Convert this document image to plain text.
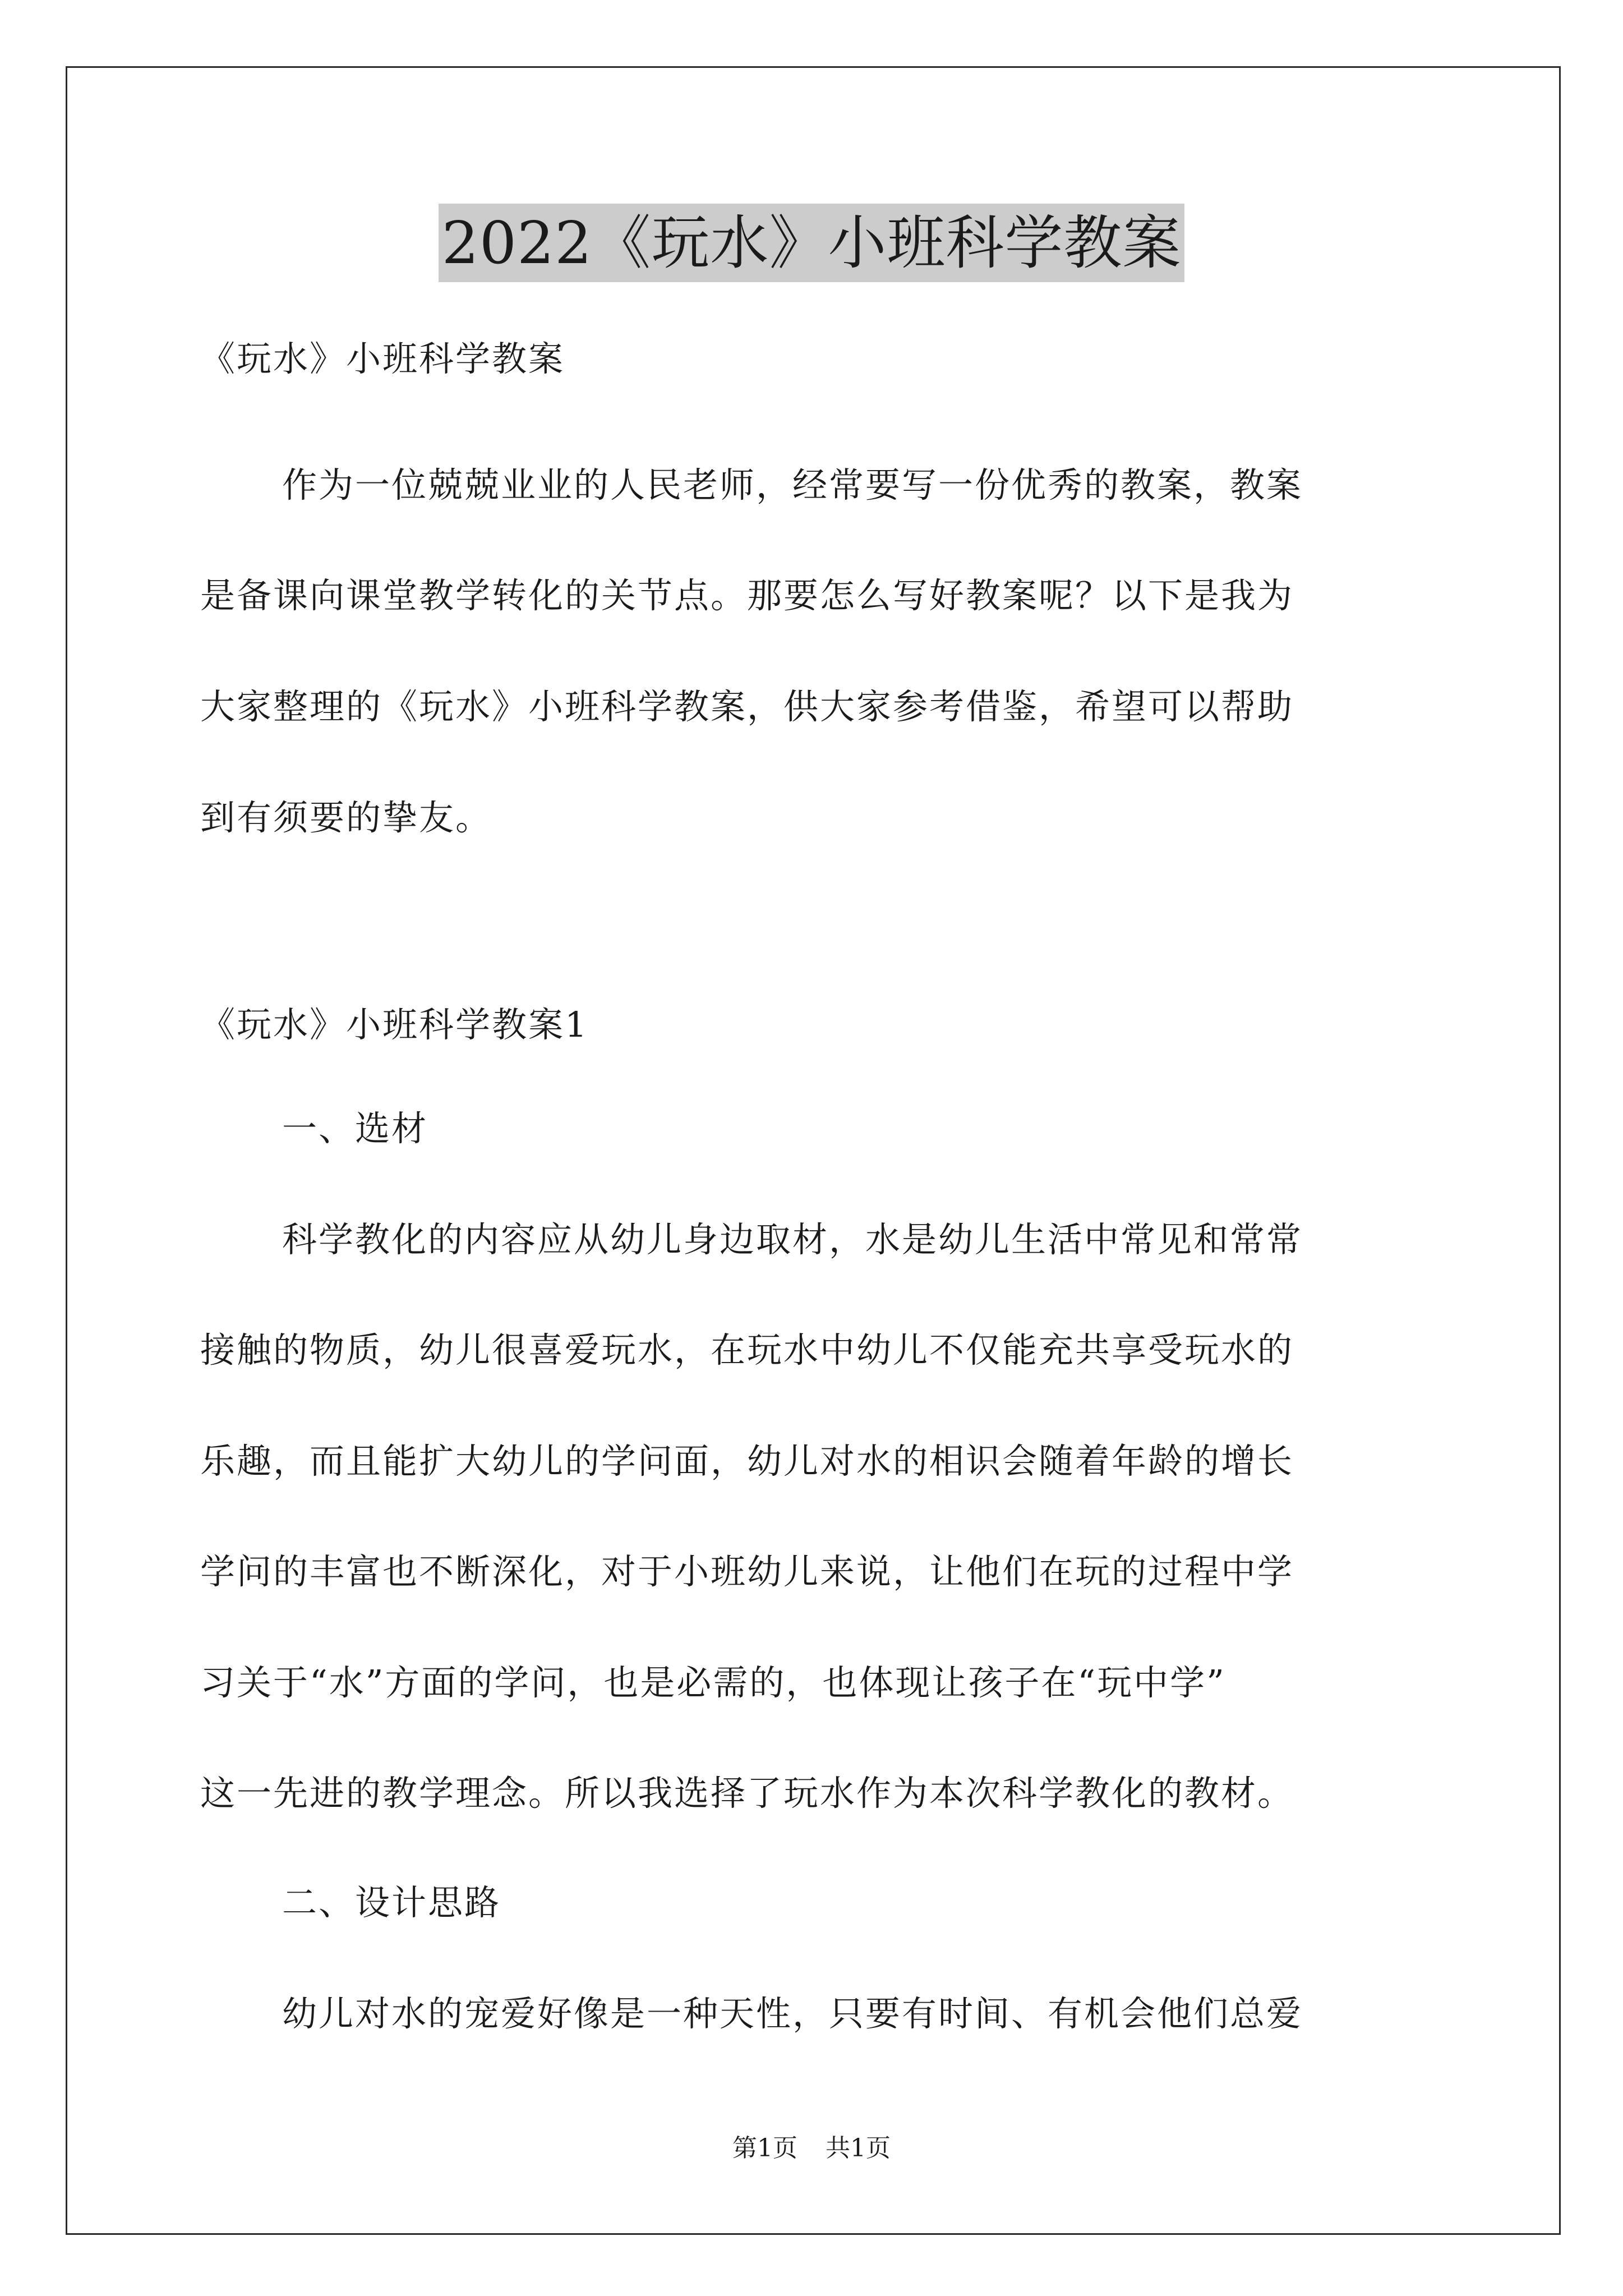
2022《玩水》小班科学教案
《玩水》小班科学教案
作为一位兢兢业业的人民老师，经常要写一份优秀的教案，教案
是备课向课堂教学转化的关节点。那要怎么写好教案呢？以下是我为
大家整理的《玩水》小班科学教案，供大家参考借鉴，希望可以帮助
到有须要的挚友。
《玩水》小班科学教案1
一、选材
科学教化的内容应从幼儿身边取材，水是幼儿生活中常见和常常
接触的物质，幼儿很喜爱玩水，在玩水中幼儿不仅能充共享受玩水的
乐趣，而且能扩大幼儿的学问面，幼儿对水的相识会随着年龄的增长
学问的丰富也不断深化，对于小班幼儿来说，让他们在玩的过程中学
习关于“水”方面的学问，也是必需的，也体现让孩子在“玩中学”
这一先进的教学理念。所以我选择了玩水作为本次科学教化的教材。
二、设计思路
幼儿对水的宠爱好像是一种天性，只要有时间、有机会他们总爱
第1页 共1页
